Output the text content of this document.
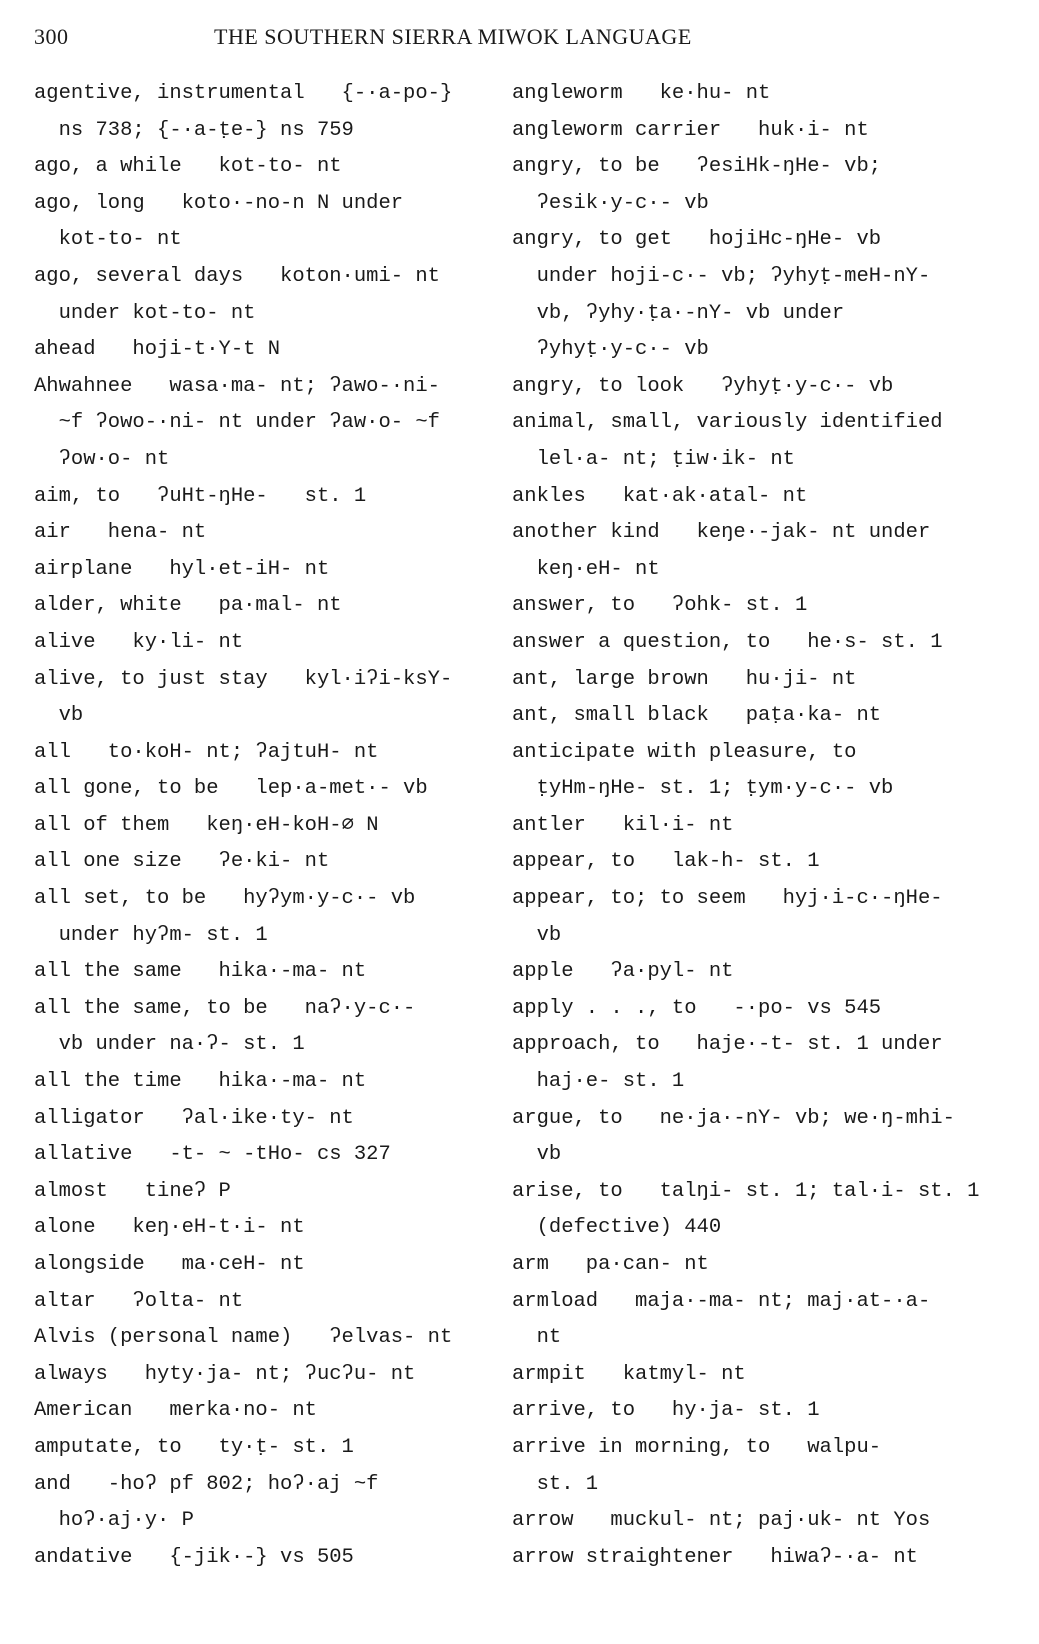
300	THE SOUTHERN SIERRA MIWOK LANGUAGE
agentive, instrumental   {-·a-po-}
ns 738; {-·a-ṭe-} ns 759
ago, a while   kot-to- nt
ago, long   koto·-no-n N under
kot-to- nt
ago, several days   koton·umi- nt
under kot-to- nt
ahead   hoji-t·Y-t N
Ahwahnee   wasa·ma- nt; ʔawo-·ni-
~f ʔowo-·ni- nt under ʔaw·o- ~f
ʔow·o- nt
aim, to   ʔuHt-ŋHe-   st. 1
air   hena- nt
airplane   hyl·et-iH- nt
alder, white   pa·mal- nt
alive   ky·li- nt
alive, to just stay   kyl·iʔi-ksY-
vb
all   to·koH- nt; ʔajtuH- nt
all gone, to be   lep·a-met·- vb
all of them   keŋ·eH-koH-∅ N
all one size   ʔe·ki- nt
all set, to be   hyʔym·y-c·- vb
under hyʔm- st. 1
all the same   hika·-ma- nt
all the same, to be   naʔ·y-c·-
vb under na·ʔ- st. 1
all the time   hika·-ma- nt
alligator   ʔal·ike·ty- nt
allative   -t- ~ -tHo- cs 327
almost   tineʔ P
alone   keŋ·eH-t·i- nt
alongside   ma·ceH- nt
altar   ʔolta- nt
Alvis (personal name)   ʔelvas- nt
always   hyty·ja- nt; ʔucʔu- nt
American   merka·no- nt
amputate, to   ty·ṭ- st. 1
and   -hoʔ pf 802; hoʔ·aj ~f
hoʔ·aj·y· P
andative   {-jik·-} vs 505
angleworm   ke·hu- nt
angleworm carrier   huk·i- nt
angry, to be   ʔesiHk-ŋHe- vb;
ʔesik·y-c·- vb
angry, to get   hojiHc-ŋHe- vb
under hoji-c·- vb; ʔyhyṭ-meH-nY-
vb, ʔyhy·ṭa·-nY- vb under
ʔyhyṭ·y-c·- vb
angry, to look   ʔyhyṭ·y-c·- vb
animal, small, variously identified
lel·a- nt; ṭiw·ik- nt
ankles   kat·ak·atal- nt
another kind   keŋe·-jak- nt under
keŋ·eH- nt
answer, to   ʔohk- st. 1
answer a question, to   he·s- st. 1
ant, large brown   hu·ji- nt
ant, small black   paṭa·ka- nt
anticipate with pleasure, to
ṭyHm-ŋHe- st. 1; ṭym·y-c·- vb
antler   kil·i- nt
appear, to   lak-h- st. 1
appear, to; to seem   hyj·i-c·-ŋHe-
vb
apple   ʔa·pyl- nt
apply . . ., to   -·po- vs 545
approach, to   haje·-t- st. 1 under
haj·e- st. 1
argue, to   ne·ja·-nY- vb; we·ŋ-mhi-
vb
arise, to   talŋi- st. 1; tal·i- st. 1
(defective) 440
arm   pa·can- nt
armload   maja·-ma- nt; maj·at-·a-
nt
armpit   katmyl- nt
arrive, to   hy·ja- st. 1
arrive in morning, to   walpu-
st. 1
arrow   muckul- nt; paj·uk- nt Yos
arrow straightener   hiwaʔ-·a- nt
